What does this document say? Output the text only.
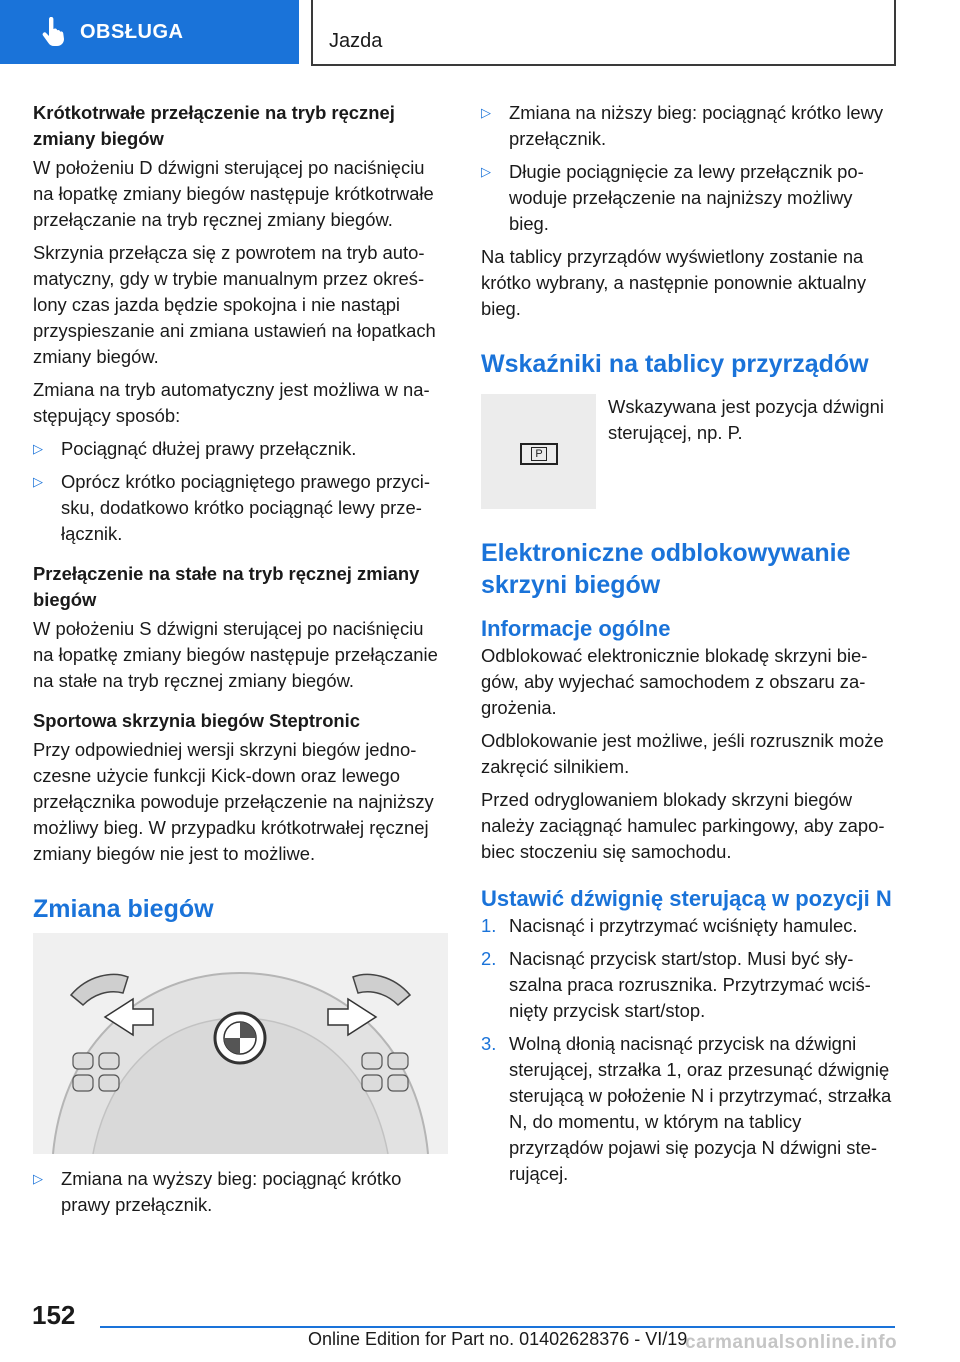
OBSŁUGA	Jazda
Krótkotrwałe przełączenie na tryb ręcznej zmiany biegów
W położeniu D dźwigni sterującej po naciśnięciu na łopatkę zmiany biegów następuje krótkotrwałe przełączanie na tryb ręcznej zmiany biegów.
Skrzynia przełącza się z powrotem na tryb automatyczny, gdy w trybie manualnym przez określony czas jazda będzie spokojna i nie nastąpi przyspieszanie ani zmiana ustawień na łopatkach zmiany biegów.
Zmiana na tryb automatyczny jest możliwa w następujący sposób:
▷ Pociągnąć dłużej prawy przełącznik.
▷ Oprócz krótko pociągniętego prawego przycisku, dodatkowo krótko pociągnąć lewy przełącznik.
Przełączenie na stałe na tryb ręcznej zmiany biegów
W położeniu S dźwigni sterującej po naciśnięciu na łopatkę zmiany biegów następuje przełączanie na stałe na tryb ręcznej zmiany biegów.
Sportowa skrzynia biegów Steptronic
Przy odpowiedniej wersji skrzyni biegów jednoczesne użycie funkcji Kick-down oraz lewego przełącznika powoduje przełączenie na najniższy możliwy bieg. W przypadku krótkotrwałej ręcznej zmiany biegów nie jest to możliwe.
Zmiana biegów
▷ Zmiana na wyższy bieg: pociągnąć krótko prawy przełącznik.
▷ Zmiana na niższy bieg: pociągnąć krótko lewy przełącznik.
▷ Długie pociągnięcie za lewy przełącznik powoduje przełączenie na najniższy możliwy bieg.
Na tablicy przyrządów wyświetlony zostanie na krótko wybrany, a następnie ponownie aktualny bieg.
Wskaźniki na tablicy przyrządów
P
Wskazywana jest pozycja dźwigni sterującej, np. P.
Elektroniczne odblokowywanie skrzyni biegów
Informacje ogólne
Odblokować elektronicznie blokadę skrzyni biegów, aby wyjechać samochodem z obszaru zagrożenia.
Odblokowanie jest możliwe, jeśli rozrusznik może zakręcić silnikiem.
Przed odryglowaniem blokady skrzyni biegów należy zaciągnąć hamulec parkingowy, aby zapobiec stoczeniu się samochodu.
Ustawić dźwignię sterującą w pozycji N
1. Nacisnąć i przytrzymać wciśnięty hamulec.
2. Nacisnąć przycisk start/stop. Musi być słyszalna praca rozrusznika. Przytrzymać wciśnięty przycisk start/stop.
3. Wolną dłonią nacisnąć przycisk na dźwigni sterującej, strzałka 1, oraz przesunąć dźwignię sterującą w położenie N i przytrzymać, strzałka N, do momentu, w którym na tablicy przyrządów pojawi się pozycja N dźwigni sterującej.
152
Online Edition for Part no. 01402628376 - VI/19
carmanualsonline.info
